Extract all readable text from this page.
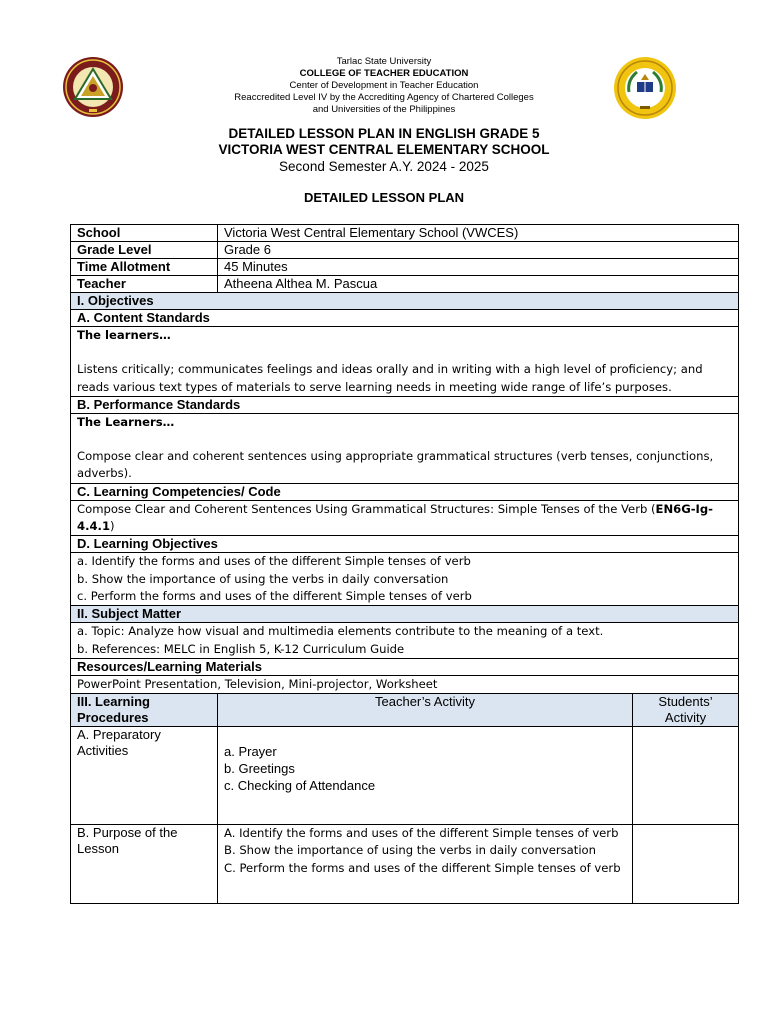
Tarlac State University
COLLEGE OF TEACHER EDUCATION
Center of Development in Teacher Education
Reaccredited Level IV by the Accrediting Agency of Chartered Colleges
and Universities of the Philippines
DETAILED LESSON PLAN IN ENGLISH GRADE 5
VICTORIA WEST CENTRAL ELEMENTARY SCHOOL
Second Semester A.Y. 2024 - 2025
DETAILED LESSON PLAN
School	Victoria West Central Elementary School (VWCES)	
Grade Level	Grade 6	
Time Allotment	45 Minutes	
Teacher	Atheena Althea M. Pascua	
I. Objectives		
A. Content Standards		

The learners…
Listens critically; communicates feelings and ideas orally and in writing with a high level of proficiency; and reads various text types of materials to serve learning needs in meeting wide range of life’s purposes.		
B. Performance Standards		

The Learners…
Compose clear and coherent sentences using appropriate grammatical structures (verb tenses, conjunctions, adverbs).		
C. Learning Competencies/ Code		
Compose Clear and Coherent Sentences Using Grammatical Structures: Simple Tenses of the Verb (EN6G-Ig-4.4.1)		
D. Learning Objectives		

a. Identify the forms and uses of the different Simple tenses of verb
b. Show the importance of using the verbs in daily conversation
c. Perform the forms and uses of the different Simple tenses of verb		

II. Subject Matter		

a. Topic: Analyze how visual and multimedia elements contribute to the meaning of a text.
b. References: MELC in English 5, K-12 Curriculum Guide		

Resources/Learning Materials		
PowerPoint Presentation, Television, Mini-projector, Worksheet		
III. Learning Procedures	Teacher’s Activity	Students’ Activity
A. Preparatory Activities	a. Prayer
b. Greetings
c. Checking of Attendance	

B. Purpose of the Lesson	A. Identify the forms and uses of the different Simple tenses of verb
B. Show the importance of using the verbs in daily conversation
C. Perform the forms and uses of the different Simple tenses of verb	
